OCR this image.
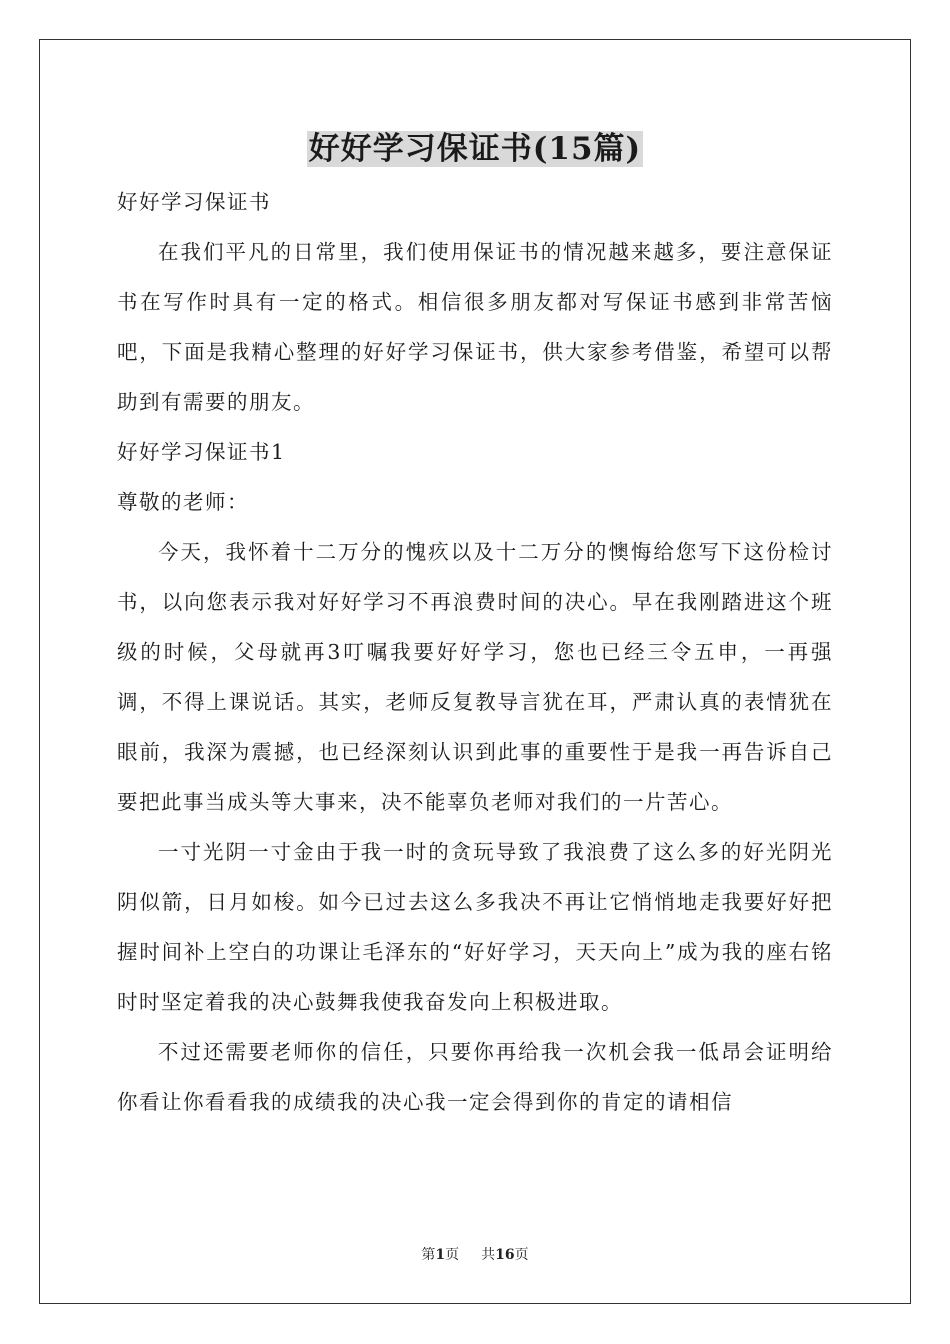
好好学习保证书(15篇)

好好学习保证书

在我们平凡的日常里，我们使用保证书的情况越来越多，要注意保证书在写作时具有一定的格式。相信很多朋友都对写保证书感到非常苦恼吧，下面是我精心整理的好好学习保证书，供大家参考借鉴，希望可以帮助到有需要的朋友。

好好学习保证书1

尊敬的老师：

今天，我怀着十二万分的愧疚以及十二万分的懊悔给您写下这份检讨书，以向您表示我对好好学习不再浪费时间的决心。早在我刚踏进这个班级的时候，父母就再3叮嘱我要好好学习，您也已经三令五申，一再强调，不得上课说话。其实，老师反复教导言犹在耳，严肃认真的表情犹在眼前，我深为震撼，也已经深刻认识到此事的重要性于是我一再告诉自己要把此事当成头等大事来，决不能辜负老师对我们的一片苦心。

一寸光阴一寸金由于我一时的贪玩导致了我浪费了这么多的好光阴光阴似箭，日月如梭。如今已过去这么多我决不再让它悄悄地走我要好好把握时间补上空白的功课让毛泽东的“好好学习，天天向上”成为我的座右铭时时坚定着我的决心鼓舞我使我奋发向上积极进取。

不过还需要老师你的信任，只要你再给我一次机会我一低昂会证明给你看让你看看我的成绩我的决心我一定会得到你的肯定的请相信

第1页 共16页
